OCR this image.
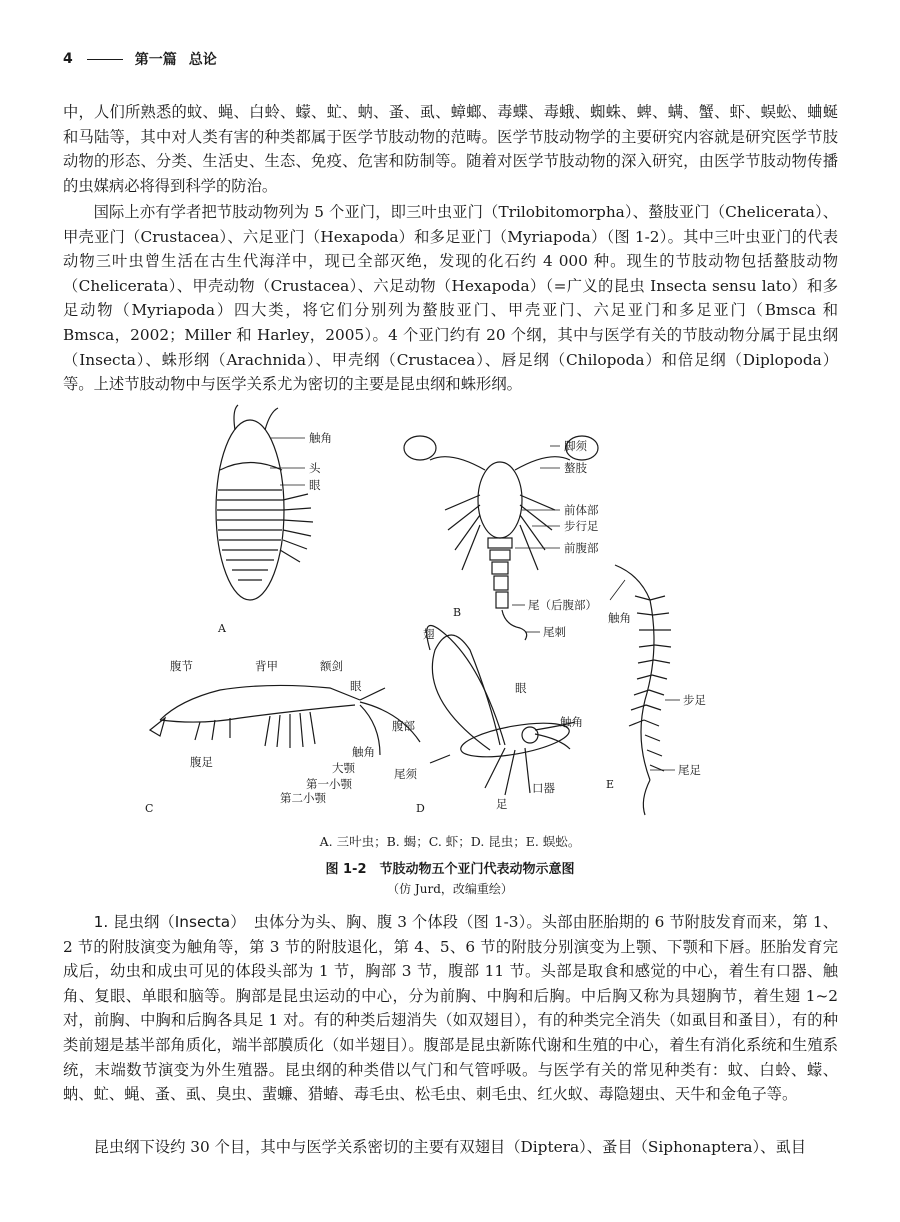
4	第一篇 总论

中，人们所熟悉的蚊、蝇、白蛉、蠓、虻、蚋、蚤、虱、蟑螂、毒蝶、毒蛾、蜘蛛、蜱、螨、蟹、虾、蜈蚣、蛐蜒和马陆等，其中对人类有害的种类都属于医学节肢动物的范畴。医学节肢动物学的主要研究内容就是研究医学节肢动物的形态、分类、生活史、生态、免疫、危害和防制等。随着对医学节肢动物的深入研究，由医学节肢动物传播的虫媒病必将得到科学的防治。

国际上亦有学者把节肢动物列为 5 个亚门，即三叶虫亚门（Trilobitomorpha）、螯肢亚门（Chelicerata）、甲壳亚门（Crustacea）、六足亚门（Hexapoda）和多足亚门（Myriapoda）（图 1-2）。其中三叶虫亚门的代表动物三叶虫曾生活在古生代海洋中，现已全部灭绝，发现的化石约 4 000 种。现生的节肢动物包括螯肢动物（Chelicerata）、甲壳动物（Crustacea）、六足动物（Hexapoda）（=广义的昆虫 Insecta sensu lato）和多足动物（Myriapoda）四大类，将它们分别列为螯肢亚门、甲壳亚门、六足亚门和多足亚门（Bmsca 和 Bmsca，2002；Miller 和 Harley，2005）。4 个亚门约有 20 个纲，其中与医学有关的节肢动物分属于昆虫纲（Insecta）、蛛形纲（Arachnida）、甲壳纲（Crustacea）、唇足纲（Chilopoda）和倍足纲（Diplopoda）等。上述节肢动物中与医学关系尤为密切的主要是昆虫纲和蛛形纲。

触角
头
眼
A
脚须
螯肢
前体部
步行足
前腹部
尾（后腹部）
尾刺
B
腹节	背甲	额剑
眼
腹足
触角
大颚
第一小颚
第二小颚
C
翅
眼
腹部	触角
尾须
口器
足
D
触角
步足
尾足
E
A. 三叶虫；B. 蝎；C. 虾；D. 昆虫；E. 蜈蚣。
图 1-2　节肢动物五个亚门代表动物示意图
（仿 Jurd，改编重绘）

1. 昆虫纲（Insecta） 虫体分为头、胸、腹 3 个体段（图 1-3）。头部由胚胎期的 6 节附肢发育而来，第 1、2 节的附肢演变为触角等，第 3 节的附肢退化，第 4、5、6 节的附肢分别演变为上颚、下颚和下唇。胚胎发育完成后，幼虫和成虫可见的体段头部为 1 节，胸部 3 节，腹部 11 节。头部是取食和感觉的中心，着生有口器、触角、复眼、单眼和脑等。胸部是昆虫运动的中心，分为前胸、中胸和后胸。中后胸又称为具翅胸节，着生翅 1~2 对，前胸、中胸和后胸各具足 1 对。有的种类后翅消失（如双翅目），有的种类完全消失（如虱目和蚤目），有的种类前翅是基半部角质化，端半部膜质化（如半翅目）。腹部是昆虫新陈代谢和生殖的中心，着生有消化系统和生殖系统，末端数节演变为外生殖器。昆虫纲的种类借以气门和气管呼吸。与医学有关的常见种类有：蚊、白蛉、蠓、蚋、虻、蝇、蚤、虱、臭虫、蜚蠊、猎蝽、毒毛虫、松毛虫、刺毛虫、红火蚁、毒隐翅虫、天牛和金龟子等。

昆虫纲下设约 30 个目，其中与医学关系密切的主要有双翅目（Diptera）、蚤目（Siphonaptera）、虱目
